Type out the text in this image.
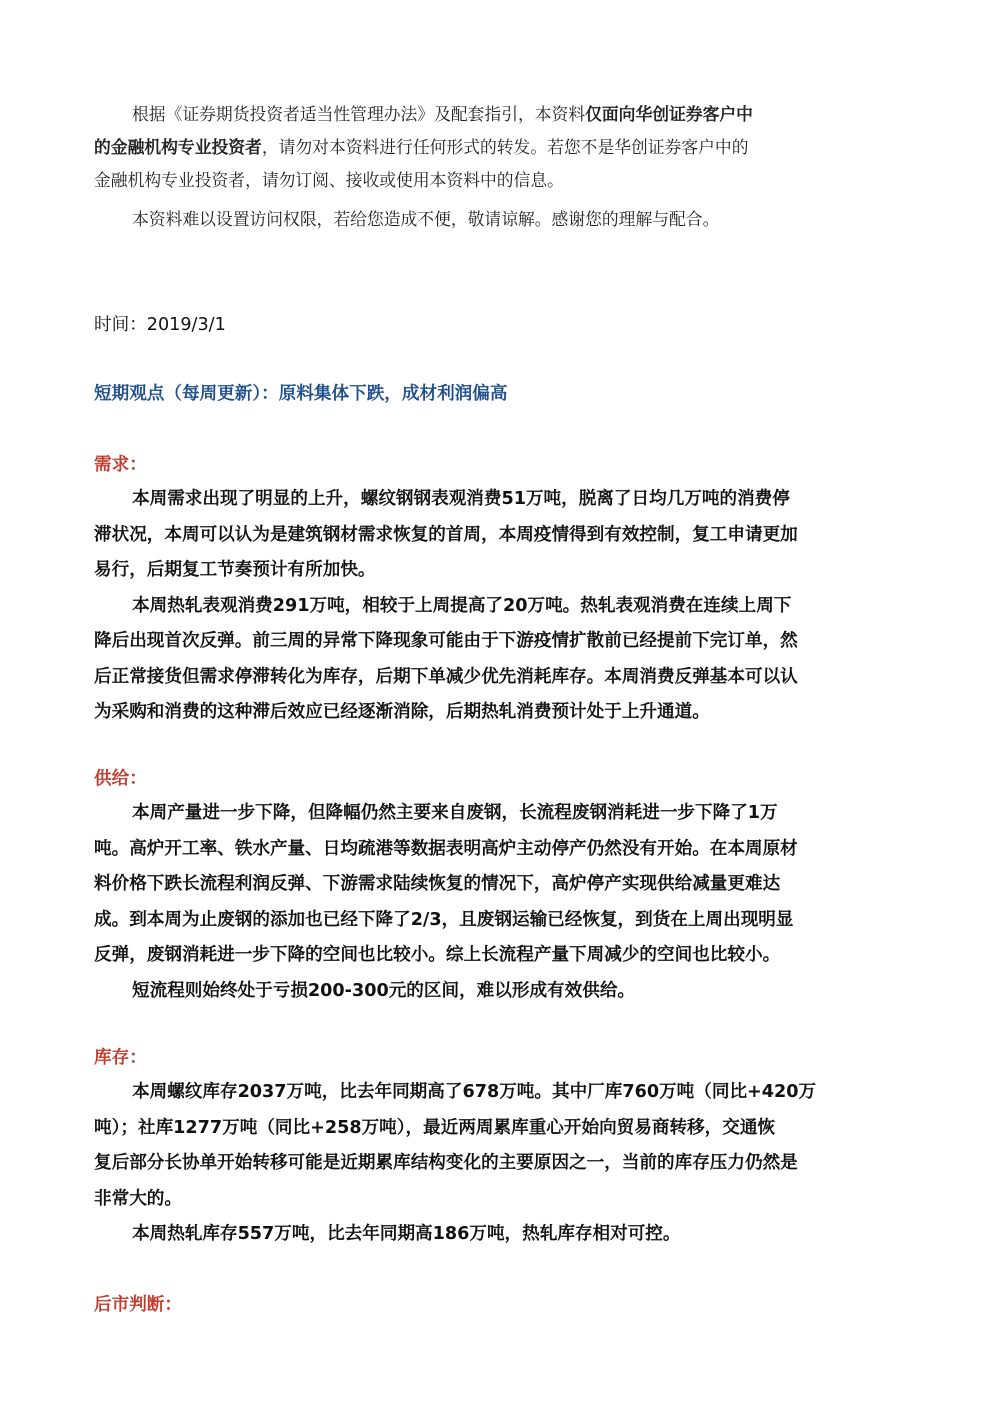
根据《证券期货投资者适当性管理办法》及配套指引，本资料仅面向华创证券客户中
的金融机构专业投资者，请勿对本资料进行任何形式的转发。若您不是华创证券客户中的
金融机构专业投资者，请勿订阅、接收或使用本资料中的信息。
本资料难以设置访问权限，若给您造成不便，敬请谅解。感谢您的理解与配合。
时间：2019/3/1
短期观点（每周更新）：原料集体下跌，成材利润偏高
需求：
本周需求出现了明显的上升，螺纹钢钢表观消费51万吨，脱离了日均几万吨的消费停
滞状况，本周可以认为是建筑钢材需求恢复的首周，本周疫情得到有效控制，复工申请更加
易行，后期复工节奏预计有所加快。
本周热轧表观消费291万吨，相较于上周提高了20万吨。热轧表观消费在连续上周下
降后出现首次反弹。前三周的异常下降现象可能由于下游疫情扩散前已经提前下完订单，然
后正常接货但需求停滞转化为库存，后期下单减少优先消耗库存。本周消费反弹基本可以认
为采购和消费的这种滞后效应已经逐渐消除，后期热轧消费预计处于上升通道。
供给：
本周产量进一步下降，但降幅仍然主要来自废钢，长流程废钢消耗进一步下降了1万
吨。高炉开工率、铁水产量、日均疏港等数据表明高炉主动停产仍然没有开始。在本周原材
料价格下跌长流程利润反弹、下游需求陆续恢复的情况下，高炉停产实现供给减量更难达
成。到本周为止废钢的添加也已经下降了2/3，且废钢运输已经恢复，到货在上周出现明显
反弹，废钢消耗进一步下降的空间也比较小。综上长流程产量下周减少的空间也比较小。
短流程则始终处于亏损200-300元的区间，难以形成有效供给。
库存：
本周螺纹库存2037万吨，比去年同期高了678万吨。其中厂库760万吨（同比+420万
吨）；社库1277万吨（同比+258万吨），最近两周累库重心开始向贸易商转移，交通恢
复后部分长协单开始转移可能是近期累库结构变化的主要原因之一，当前的库存压力仍然是
非常大的。
本周热轧库存557万吨，比去年同期高186万吨，热轧库存相对可控。
后市判断：
